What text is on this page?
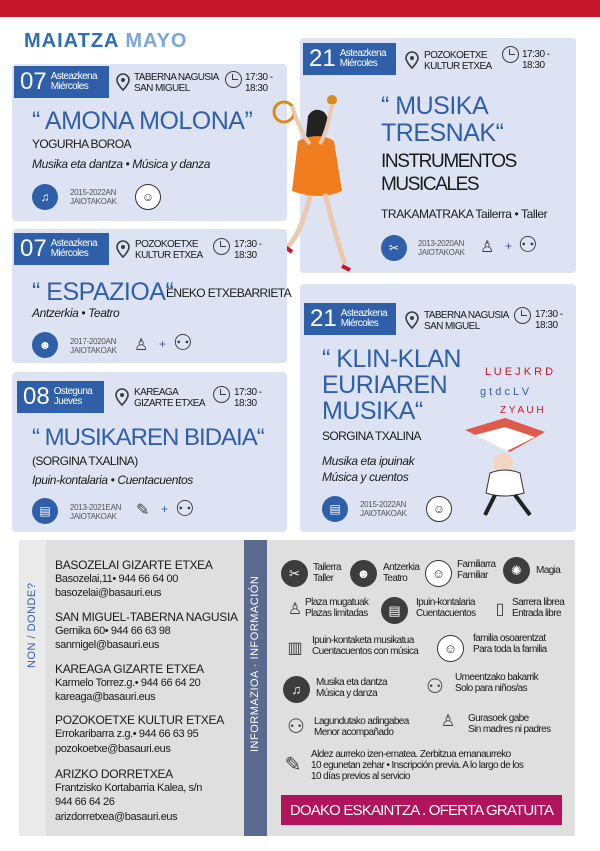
MAIATZA MAYO
07 Asteazkena
Miércoles
TABERNA NAGUSIA
SAN MIGUEL
17:30 -
18:30
“ AMONA MOLONA”
YOGURHA BOROA
Musika eta dantza • Música y danza
♫	2015-2022AN
JAIOTAKOAK	☺
21 Asteazkena
Miércoles
POZOKOETXE
KULTUR ETXEA
17:30 -
18:30
“ MUSIKA
TRESNAK“
INSTRUMENTOS
MUSICALES
TRAKAMATRAKA Tailerra • Taller
✂	2013-2020AN
JAIOTAKOAK ♙ + ⚇
07 Asteazkena
Miércoles
POZOKOETXE
KULTUR ETXEA
17:30 -
18:30
“ ESPAZIOA“
ENEKO ETXEBARRIETA
Antzerkia • Teatro
☻	2017-2020AN
JAIOTAKOAK ♙ + ⚇
21 Asteazkena
Miércoles
TABERNA NAGUSIA
SAN MIGUEL
17:30 -
18:30
“ KLIN-KLAN
EURIAREN
MUSIKA“
SORGINA TXALINA
Musika eta ipuinak
Música y cuentos
▤	2015-2022AN
JAIOTAKOAK	☺
L U E J K R D
g t d c L V
Z Y A U H
08 Osteguna
Jueves
KAREAGA
GIZARTE ETXEA
17:30 -
18:30
“ MUSIKAREN BIDAIA“
(SORGINA TXALINA)
Ipuin-kontalaria • Cuentacuentos
▤	2013-2021EAN
JAIOTAKOAK ✎ + ⚇
NON / DONDE?	INFORMAZIOA · INFORMACIÓN
BASOZELAI GIZARTE ETXEA
Basozelai,11• 944 66 64 00
basozelai@basauri.eus
SAN MIGUEL-TABERNA NAGUSIA
Gernika 60• 944 66 63 98
sanmigel@basauri.eus
KAREAGA GIZARTE ETXEA
Karmelo Torrez.g.• 944 66 64 20
kareaga@basauri.eus
POZOKOETXE KULTUR ETXEA
Errokaribarra z.g.• 944 66 63 95
pozokoetxe@basauri.eus
ARIZKO DORRETXEA
Frantzisko Kortabarria Kalea, s/n
944 66 64 26
arizdorretxea@basauri.eus
✂	Tailerra
Taller	☻	Antzerkia
Teatro	☺
Familiarra
Familiar	✺	Magia
♙ Plaza mugatuak
Plazas limitadas	▤	Ipuin-kontalaria
Cuentacuentos	▯ Sarrera librea
Entrada libre
▥ Ipuin-kontaketa musikatua
Cuentacuentos con música	☺
familia osoarentzat
Para toda la familia
♫	Musika eta dantza
Música y danza	⚇ Umeentzako bakarrik
Solo para niños/as
⚇ Lagundutako adingabea
Menor acompañado
♙	Gurasoek gabe
Sin madres ni padres
✎ Aldez aurreko izen-ematea. Zerbitzua emanaurreko
10 egunetan zehar • Inscripción previa. A lo largo de los
10 días previos al servicio
DOAKO ESKAINTZA . OFERTA GRATUITA
